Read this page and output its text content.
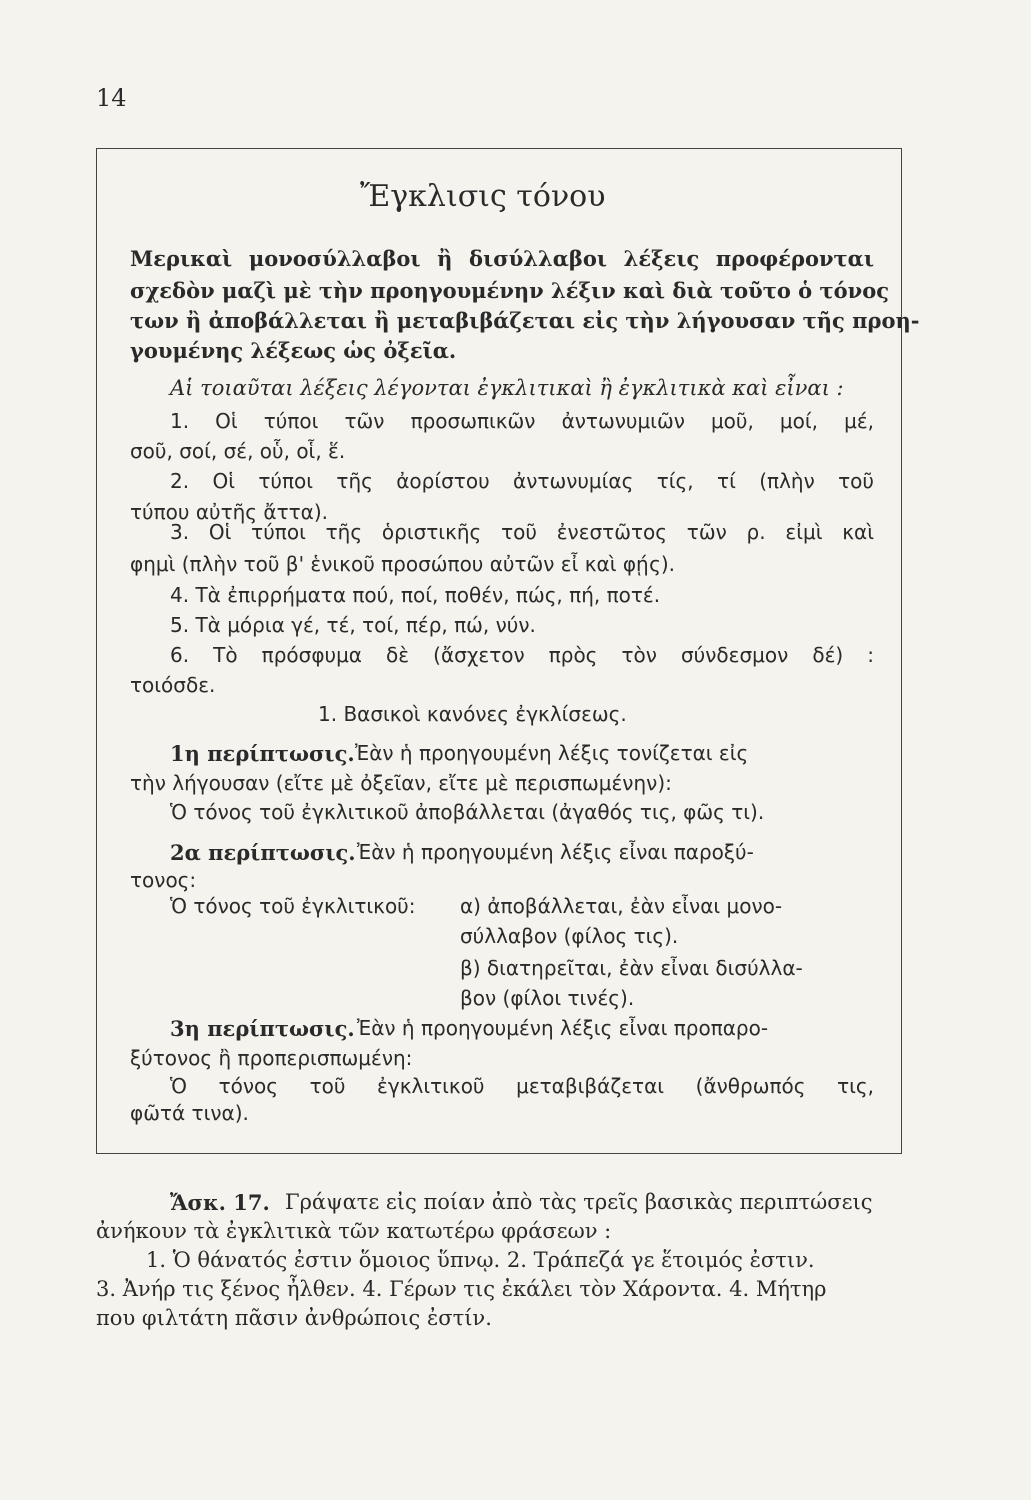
14
Ἔγκλισις τόνου
Μερικαὶ μονοσύλλαβοι ἢ δισύλλαβοι λέξεις προφέρονται
σχεδὸν μαζὶ μὲ τὴν προηγουμένην λέξιν καὶ διὰ τοῦτο ὁ τόνος
των ἢ ἀποβάλλεται ἢ μεταβιβάζεται εἰς τὴν λήγουσαν τῆς προη-
γουμένης λέξεως ὡς ὀξεῖα.
Αἱ τοιαῦται λέξεις λέγονται ἐγκλιτικαὶ ἢ ἐγκλιτικὰ καὶ εἶναι :
1. Οἱ τύποι τῶν προσωπικῶν ἀντωνυμιῶν μοῦ, μοί, μέ,
σοῦ, σοί, σέ, οὗ, οἷ, ἕ.
2. Οἱ τύποι τῆς ἀορίστου ἀντωνυμίας τίς, τί (πλὴν τοῦ
τύπου αὐτῆς ἄττα).
3. Οἱ τύποι τῆς ὁριστικῆς τοῦ ἐνεστῶτος τῶν ρ. εἰμὶ καὶ
φημὶ (πλὴν τοῦ β' ἑνικοῦ προσώπου αὐτῶν εἶ καὶ φῄς).
4. Τὰ ἐπιρρήματα πού, ποί, ποθέν, πώς, πή, ποτέ.
5. Τὰ μόρια γέ, τέ, τοί, πέρ, πώ, νύν.
6. Τὸ πρόσφυμα δὲ (ἄσχετον πρὸς τὸν σύνδεσμον δέ) :
τοιόσδε.
1. Βασικοὶ κανόνες ἐγκλίσεως.
1η περίπτωσις. Ἐὰν ἡ προηγουμένη λέξις τονίζεται εἰς
τὴν λήγουσαν (εἴτε μὲ ὀξεῖαν, εἴτε μὲ περισπωμένην):
Ὁ τόνος τοῦ ἐγκλιτικοῦ ἀποβάλλεται (ἀγαθός τις, φῶς τι).
2α περίπτωσις. Ἐὰν ἡ προηγουμένη λέξις εἶναι παροξύ-
τονος:
Ὁ τόνος τοῦ ἐγκλιτικοῦ: α) ἀποβάλλεται, ἐὰν εἶναι μονο-
σύλλαβον (φίλος τις).
β) διατηρεῖται, ἐὰν εἶναι δισύλλα-
βον (φίλοι τινές).
3η περίπτωσις. Ἐὰν ἡ προηγουμένη λέξις εἶναι προπαρο-
ξύτονος ἢ προπερισπωμένη:
Ὁ τόνος τοῦ ἐγκλιτικοῦ μεταβιβάζεται (ἄνθρωπός τις,
φῶτά τινα).
Ἄσκ. 17. Γράψατε εἰς ποίαν ἀπὸ τὰς τρεῖς βασικὰς περιπτώσεις
ἀνήκουν τὰ ἐγκλιτικὰ τῶν κατωτέρω φράσεων :
1. Ὁ θάνατός ἐστιν ὅμοιος ὕπνῳ. 2. Τράπεζά γε ἕτοιμός ἐστιν.
3. Ἀνήρ τις ξένος ἦλθεν. 4. Γέρων τις ἐκάλει τὸν Χάροντα. 4. Μήτηρ
που φιλτάτη πᾶσιν ἀνθρώποις ἐστίν.
